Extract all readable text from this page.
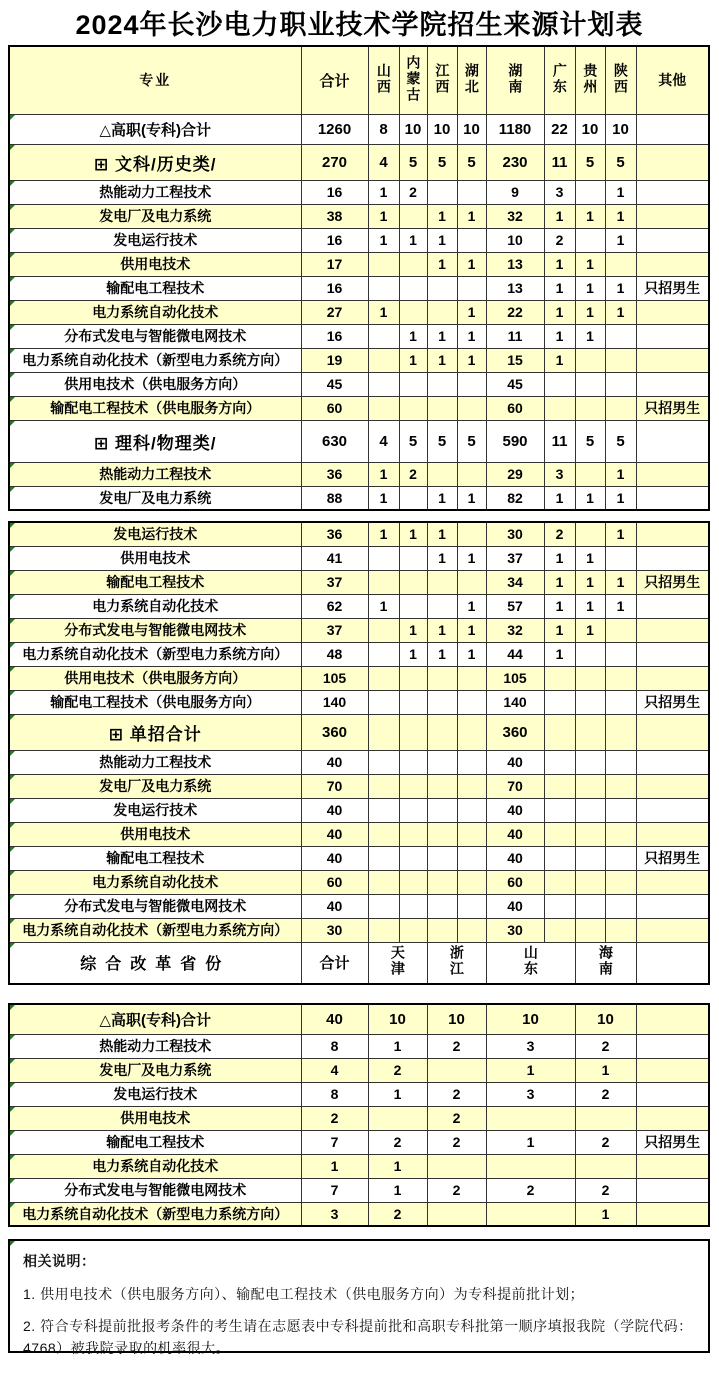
2024年长沙电力职业技术学院招生来源计划表
专业	合计	山西	内蒙古	江西	湖北	湖南	广东	贵州	陕西	其他
△高职(专科)合计	1260	8	10	10	10	1180	22	10	10	
⊞ 文科/历史类/	270	4	5	5	5	230	11	5	5	
热能动力工程技术	16	1	2			9	3		1	
发电厂及电力系统	38	1		1	1	32	1	1	1	
发电运行技术	16	1	1	1		10	2		1	
供用电技术	17			1	1	13	1	1		
输配电工程技术	16					13	1	1	1	只招男生
电力系统自动化技术	27	1			1	22	1	1	1	
分布式发电与智能微电网技术	16		1	1	1	11	1	1		
电力系统自动化技术（新型电力系统方向）	19		1	1	1	15	1			
供用电技术（供电服务方向）	45					45				
输配电工程技术（供电服务方向）	60					60				只招男生
⊞ 理科/物理类/	630	4	5	5	5	590	11	5	5	
热能动力工程技术	36	1	2			29	3		1	
发电厂及电力系统	88	1		1	1	82	1	1	1	
发电运行技术	36	1	1	1		30	2		1	
供用电技术	41			1	1	37	1	1		
输配电工程技术	37					34	1	1	1	只招男生
电力系统自动化技术	62	1			1	57	1	1	1	
分布式发电与智能微电网技术	37		1	1	1	32	1	1		
电力系统自动化技术（新型电力系统方向）	48		1	1	1	44	1			
供用电技术（供电服务方向）	105					105				
输配电工程技术（供电服务方向）	140					140				只招男生
⊞ 单招合计	360					360				
热能动力工程技术	40					40				
发电厂及电力系统	70					70				
发电运行技术	40					40				
供用电技术	40					40				
输配电工程技术	40					40				只招男生
电力系统自动化技术	60					60				
分布式发电与智能微电网技术	40					40				
电力系统自动化技术（新型电力系统方向）	30					30				
综合改革省份	合计	天津		浙江		山东		海南		
△高职(专科)合计	40	10	10	10	10	
热能动力工程技术	8	1	2	3	2	
发电厂及电力系统	4	2		1	1	
发电运行技术	8	1	2	3	2	
供用电技术	2		2			
输配电工程技术	7	2	2	1	2	只招男生
电力系统自动化技术	1	1				
分布式发电与智能微电网技术	7	1	2	2	2	
电力系统自动化技术（新型电力系统方向）	3	2			1	

相关说明：

1. 供用电技术（供电服务方向）、输配电工程技术（供电服务方向）为专科提前批计划；

2. 符合专科提前批报考条件的考生请在志愿表中专科提前批和高职专科批第一顺序填报我院（学院代码：4768）被我院录取的机率很大。
